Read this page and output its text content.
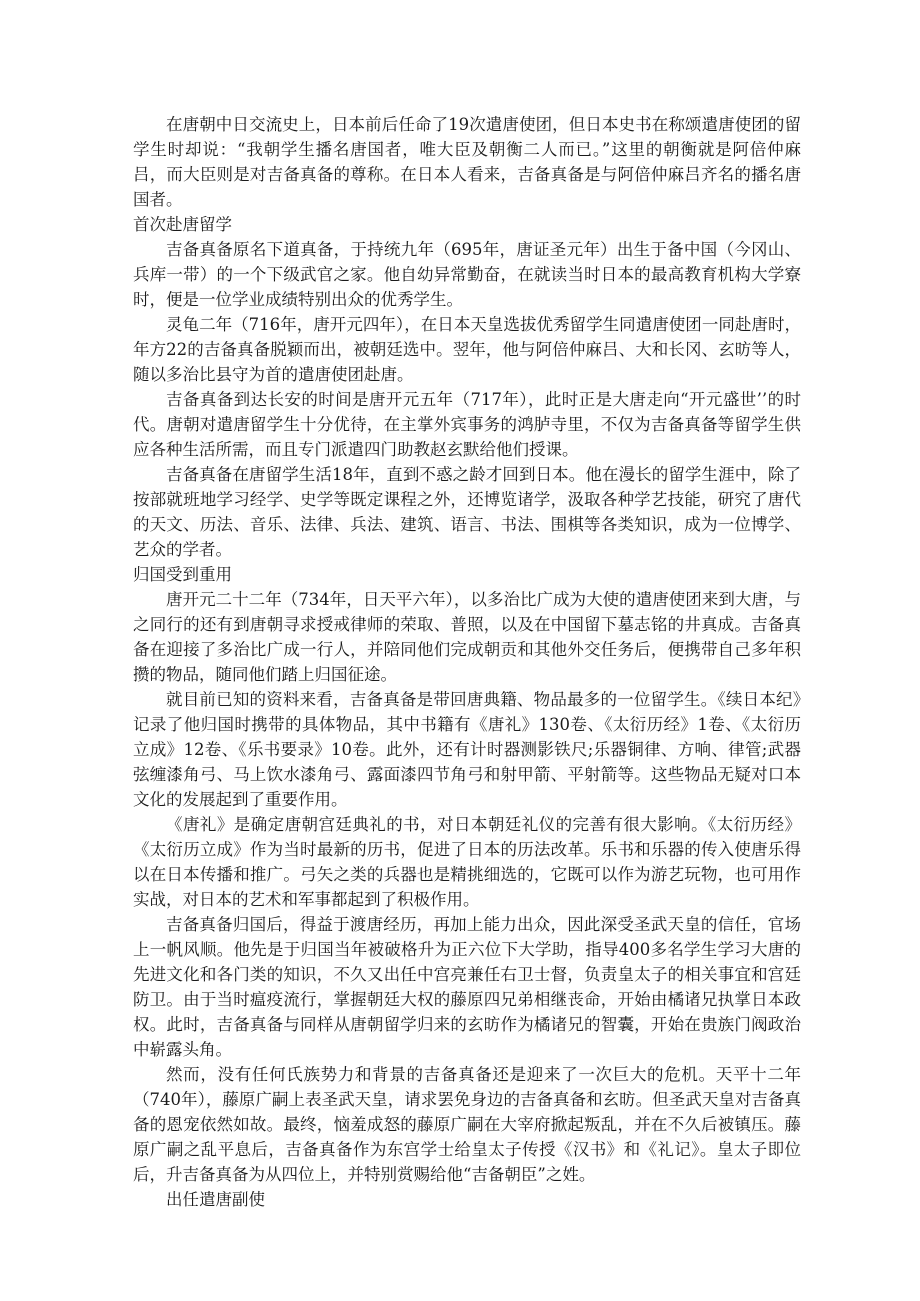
在唐朝中日交流史上，日本前后任命了19次遣唐使团，但日本史书在称颂遣唐使团的留学生时却说：“我朝学生播名唐国者，唯大臣及朝衡二人而已。”这里的朝衡就是阿倍仲麻吕，而大臣则是对吉备真备的尊称。在日本人看来，吉备真备是与阿倍仲麻吕齐名的播名唐国者。

首次赴唐留学

吉备真备原名下道真备，于持统九年（695年，唐证圣元年）出生于备中国（今冈山、兵库一带）的一个下级武官之家。他自幼异常勤奋，在就读当时日本的最高教育机构大学寮时，便是一位学业成绩特别出众的优秀学生。

灵龟二年（716年，唐开元四年），在日本天皇选拔优秀留学生同遣唐使团一同赴唐时，年方22的吉备真备脱颖而出，被朝廷选中。翌年，他与阿倍仲麻吕、大和长冈、玄昉等人，随以多治比县守为首的遣唐使团赴唐。

吉备真备到达长安的时间是唐开元五年（717年），此时正是大唐走向“开元盛世’’的时代。唐朝对遣唐留学生十分优待，在主掌外宾事务的鸿胪寺里，不仅为吉备真备等留学生供应各种生活所需，而且专门派遣四门助教赵玄默给他们授课。

吉备真备在唐留学生活18年，直到不惑之龄才回到日本。他在漫长的留学生涯中，除了按部就班地学习经学、史学等既定课程之外，还博览诸学，汲取各种学艺技能，研究了唐代的天文、历法、音乐、法律、兵法、建筑、语言、书法、围棋等各类知识，成为一位博学、艺众的学者。

归国受到重用

唐开元二十二年（734年，日天平六年），以多治比广成为大使的遣唐使团来到大唐，与之同行的还有到唐朝寻求授戒律师的荣取、普照，以及在中国留下墓志铭的井真成。吉备真备在迎接了多治比广成一行人，并陪同他们完成朝贡和其他外交任务后，便携带自己多年积攒的物品，随同他们踏上归国征途。

就目前已知的资料来看，吉备真备是带回唐典籍、物品最多的一位留学生。《续日本纪》记录了他归国时携带的具体物品，其中书籍有《唐礼》130卷、《太衍历经》1卷、《太衍历立成》12卷、《乐书要录》10卷。此外，还有计时器测影铁尺;乐器铜律、方响、律管;武器弦缠漆角弓、马上饮水漆角弓、露面漆四节角弓和射甲箭、平射箭等。这些物品无疑对口本文化的发展起到了重要作用。

《唐礼》是确定唐朝宫廷典礼的书，对日本朝廷礼仪的完善有很大影响。《太衍历经》《太衍历立成》作为当时最新的历书，促进了日本的历法改革。乐书和乐器的传入使唐乐得以在日本传播和推广。弓矢之类的兵器也是精挑细选的，它既可以作为游艺玩物，也可用作实战，对日本的艺术和军事都起到了积极作用。

吉备真备归国后，得益于渡唐经历，再加上能力出众，因此深受圣武天皇的信任，官场上一帆风顺。他先是于归国当年被破格升为正六位下大学助，指导400多名学生学习大唐的先进文化和各门类的知识，不久又出任中宫亮兼任右卫士督，负责皇太子的相关事宜和宫廷防卫。由于当时瘟疫流行，掌握朝廷大权的藤原四兄弟相继丧命，开始由橘诸兄执掌日本政权。此时，吉备真备与同样从唐朝留学归来的玄昉作为橘诸兄的智囊，开始在贵族门阀政治中崭露头角。

然而，没有任何氏族势力和背景的吉备真备还是迎来了一次巨大的危机。天平十二年（740年），藤原广嗣上表圣武天皇，请求罢免身边的吉备真备和玄昉。但圣武天皇对吉备真备的恩宠依然如故。最终，恼羞成怒的藤原广嗣在大宰府掀起叛乱，并在不久后被镇压。藤原广嗣之乱平息后，吉备真备作为东宫学士给皇太子传授《汉书》和《礼记》。皇太子即位后，升吉备真备为从四位上，并特别赏赐给他“吉备朝臣”之姓。

出任遣唐副使
